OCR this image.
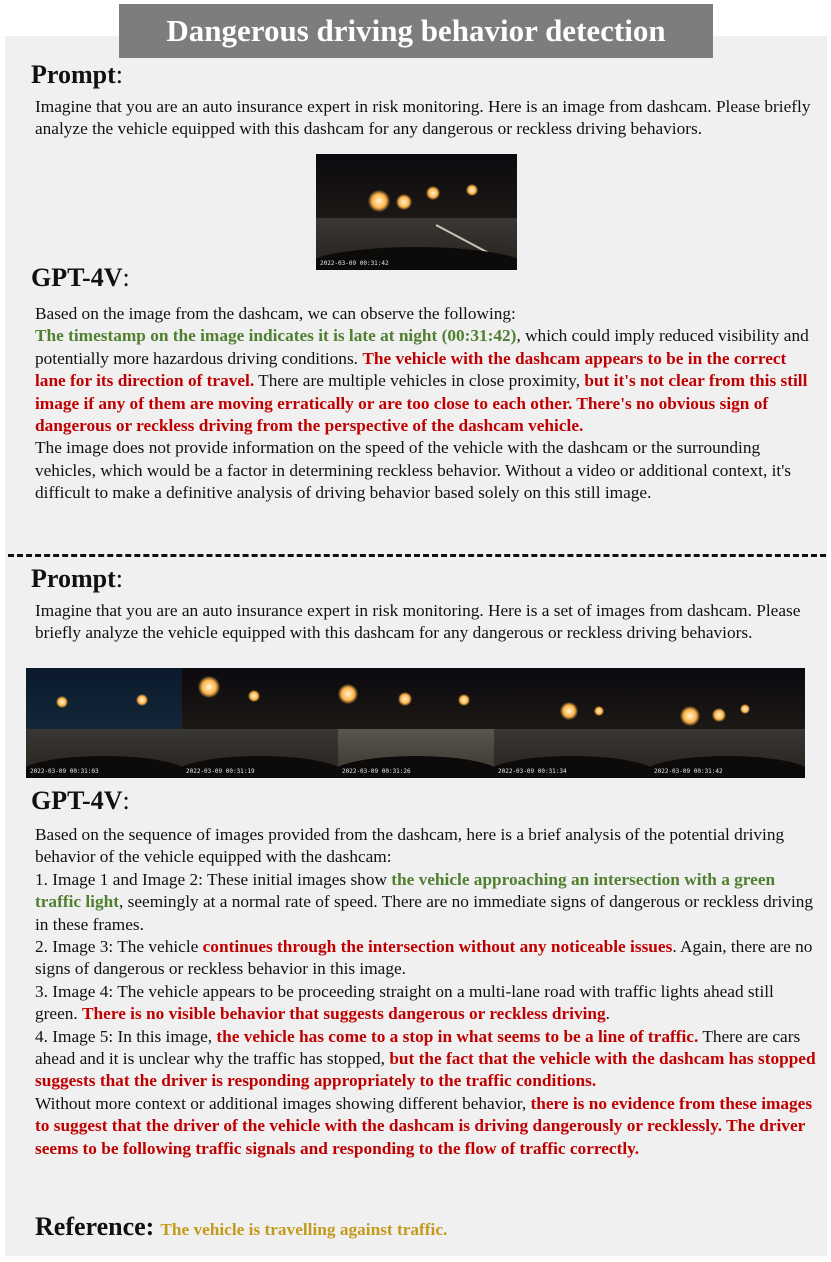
Dangerous driving behavior detection
Prompt:
Imagine that you are an auto insurance expert in risk monitoring. Here is an image from dashcam. Please briefly analyze the vehicle equipped with this dashcam for any dangerous or reckless driving behaviors.
2022-03-09 00:31:42
GPT-4V:

Based on the image from the dashcam, we can observe the following:

The timestamp on the image indicates it is late at night (00:31:42), which could imply reduced visibility and potentially more hazardous driving conditions. The vehicle with the dashcam appears to be in the correct lane for its direction of travel. There are multiple vehicles in close proximity, but it's not clear from this still image if any of them are moving erratically or are too close to each other. There's no obvious sign of dangerous or reckless driving from the perspective of the dashcam vehicle.

The image does not provide information on the speed of the vehicle with the dashcam or the surrounding vehicles, which would be a factor in determining reckless behavior. Without a video or additional context, it's difficult to make a definitive analysis of driving behavior based solely on this still image.

Prompt:
Imagine that you are an auto insurance expert in risk monitoring. Here is a set of images from dashcam. Please briefly analyze the vehicle equipped with this dashcam for any dangerous or reckless driving behaviors.
2022-03-09 00:31:03	2022-03-09 00:31:19	2022-03-09 00:31:26	2022-03-09 00:31:34	2022-03-09 00:31:42
GPT-4V:

Based on the sequence of images provided from the dashcam, here is a brief analysis of the potential driving behavior of the vehicle equipped with the dashcam:

1. Image 1 and Image 2: These initial images show the vehicle approaching an intersection with a green traffic light, seemingly at a normal rate of speed. There are no immediate signs of dangerous or reckless driving in these frames.

2. Image 3: The vehicle continues through the intersection without any noticeable issues. Again, there are no signs of dangerous or reckless behavior in this image.

3. Image 4: The vehicle appears to be proceeding straight on a multi-lane road with traffic lights ahead still green. There is no visible behavior that suggests dangerous or reckless driving.

4. Image 5: In this image, the vehicle has come to a stop in what seems to be a line of traffic. There are cars ahead and it is unclear why the traffic has stopped, but the fact that the vehicle with the dashcam has stopped suggests that the driver is responding appropriately to the traffic conditions.

Without more context or additional images showing different behavior, there is no evidence from these images to suggest that the driver of the vehicle with the dashcam is driving dangerously or recklessly. The driver seems to be following traffic signals and responding to the flow of traffic correctly.

Reference: The vehicle is travelling against traffic.
